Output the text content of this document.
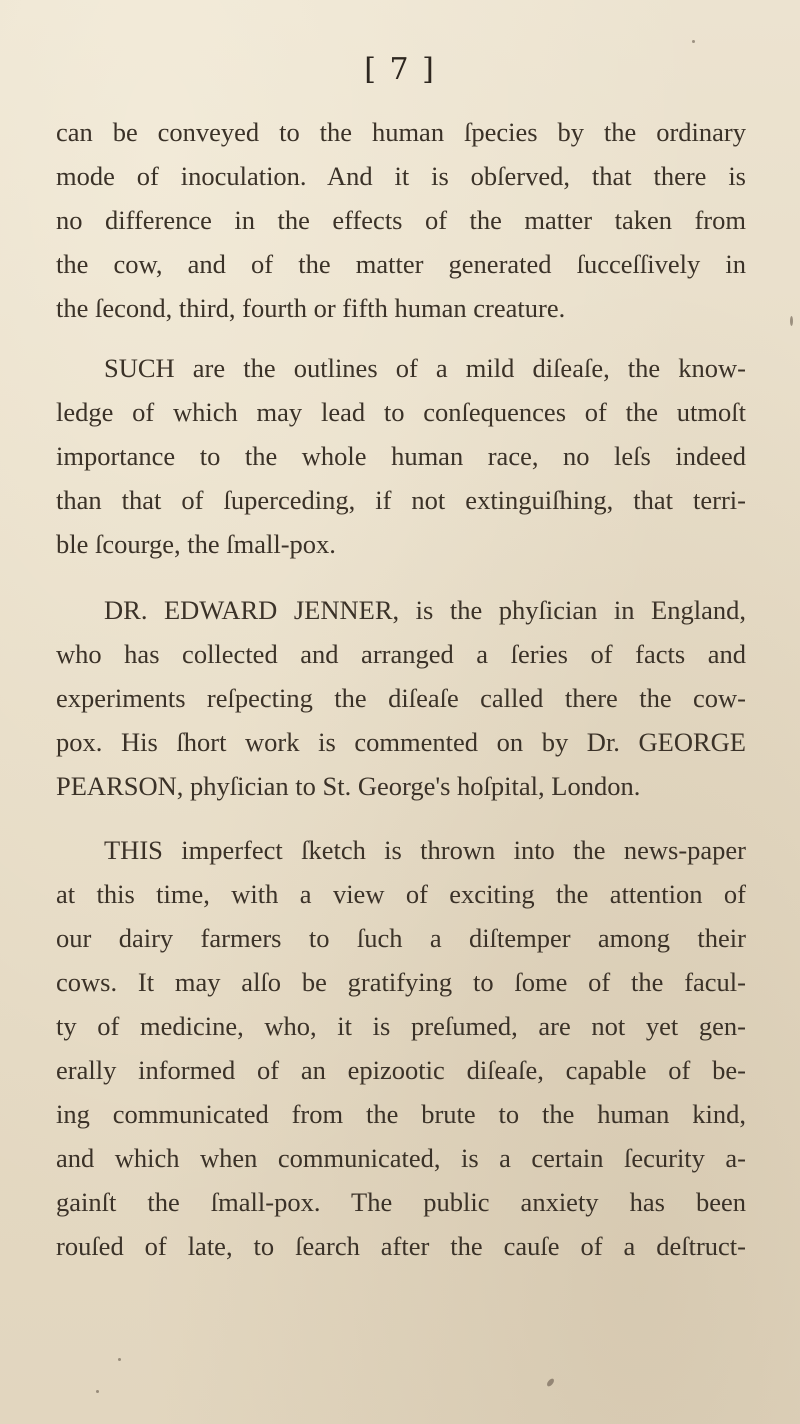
[ 7 ]
can be conveyed to the human ſpecies by the ordinary
mode of inoculation. And it is obſerved, that there is
no difference in the effects of the matter taken from
the cow, and of the matter generated ſucceſſively in
the ſecond, third, fourth or fifth human creature.
SUCH are the outlines of a mild diſeaſe, the know-
ledge of which may lead to conſequences of the utmoſt
importance to the whole human race, no leſs indeed
than that of ſuperceding, if not extinguiſhing, that terri-
ble ſcourge, the ſmall-pox.
DR. EDWARD JENNER, is the phyſician in England,
who has collected and arranged a ſeries of facts and
experiments reſpecting the diſeaſe called there the cow-
pox. His ſhort work is commented on by Dr. GEORGE
PEARSON, phyſician to St. George's hoſpital, London.
THIS imperfect ſketch is thrown into the news-paper
at this time, with a view of exciting the attention of
our dairy farmers to ſuch a diſtemper among their
cows. It may alſo be gratifying to ſome of the facul-
ty of medicine, who, it is preſumed, are not yet gen-
erally informed of an epizootic diſeaſe, capable of be-
ing communicated from the brute to the human kind,
and which when communicated, is a certain ſecurity a-
gainſt the ſmall-pox. The public anxiety has been
rouſed of late, to ſearch after the cauſe of a deſtruct-
